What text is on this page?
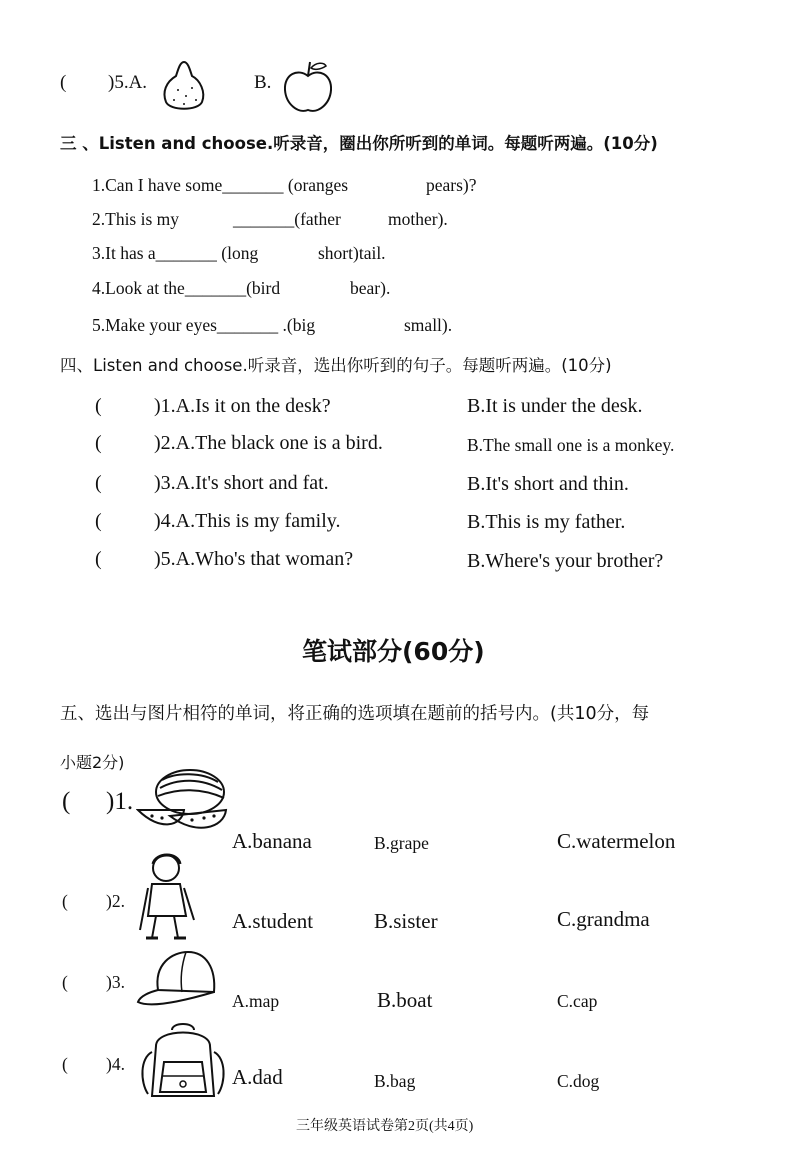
( )5.A.	B.
三 、Listen and choose.听录音，圈出你所听到的单词。每题听两遍。(10分)
1.Can I have some_______ (oranges	pears)?
2.This is my	_______(father	mother).
3.It has a_______ (long	short)tail.
4.Look at the_______(bird	bear).
5.Make your eyes_______ .(big	small).
四、Listen and choose.听录音，选出你听到的句子。每题听两遍。(10分)
(	)1.A.Is it on the desk?	B.It is under the desk.
(	)2.A.The black one is a bird.	B.The small one is a monkey.
(	)3.A.It's short and fat.	B.It's short and thin.
(	)4.A.This is my family.	B.This is my father.
(	)5.A.Who's that woman?	B.Where's your brother?
笔试部分(60分)
五、选出与图片相符的单词，将正确的选项填在题前的括号内。(共10分，每
小题2分)
( )1.
A.banana	B.grape	C.watermelon
( )2.
A.student	B.sister	C.grandma
( )3.
A.map	B.boat	C.cap
( )4.
A.dad	B.bag	C.dog
三年级英语试卷第2页(共4页)
